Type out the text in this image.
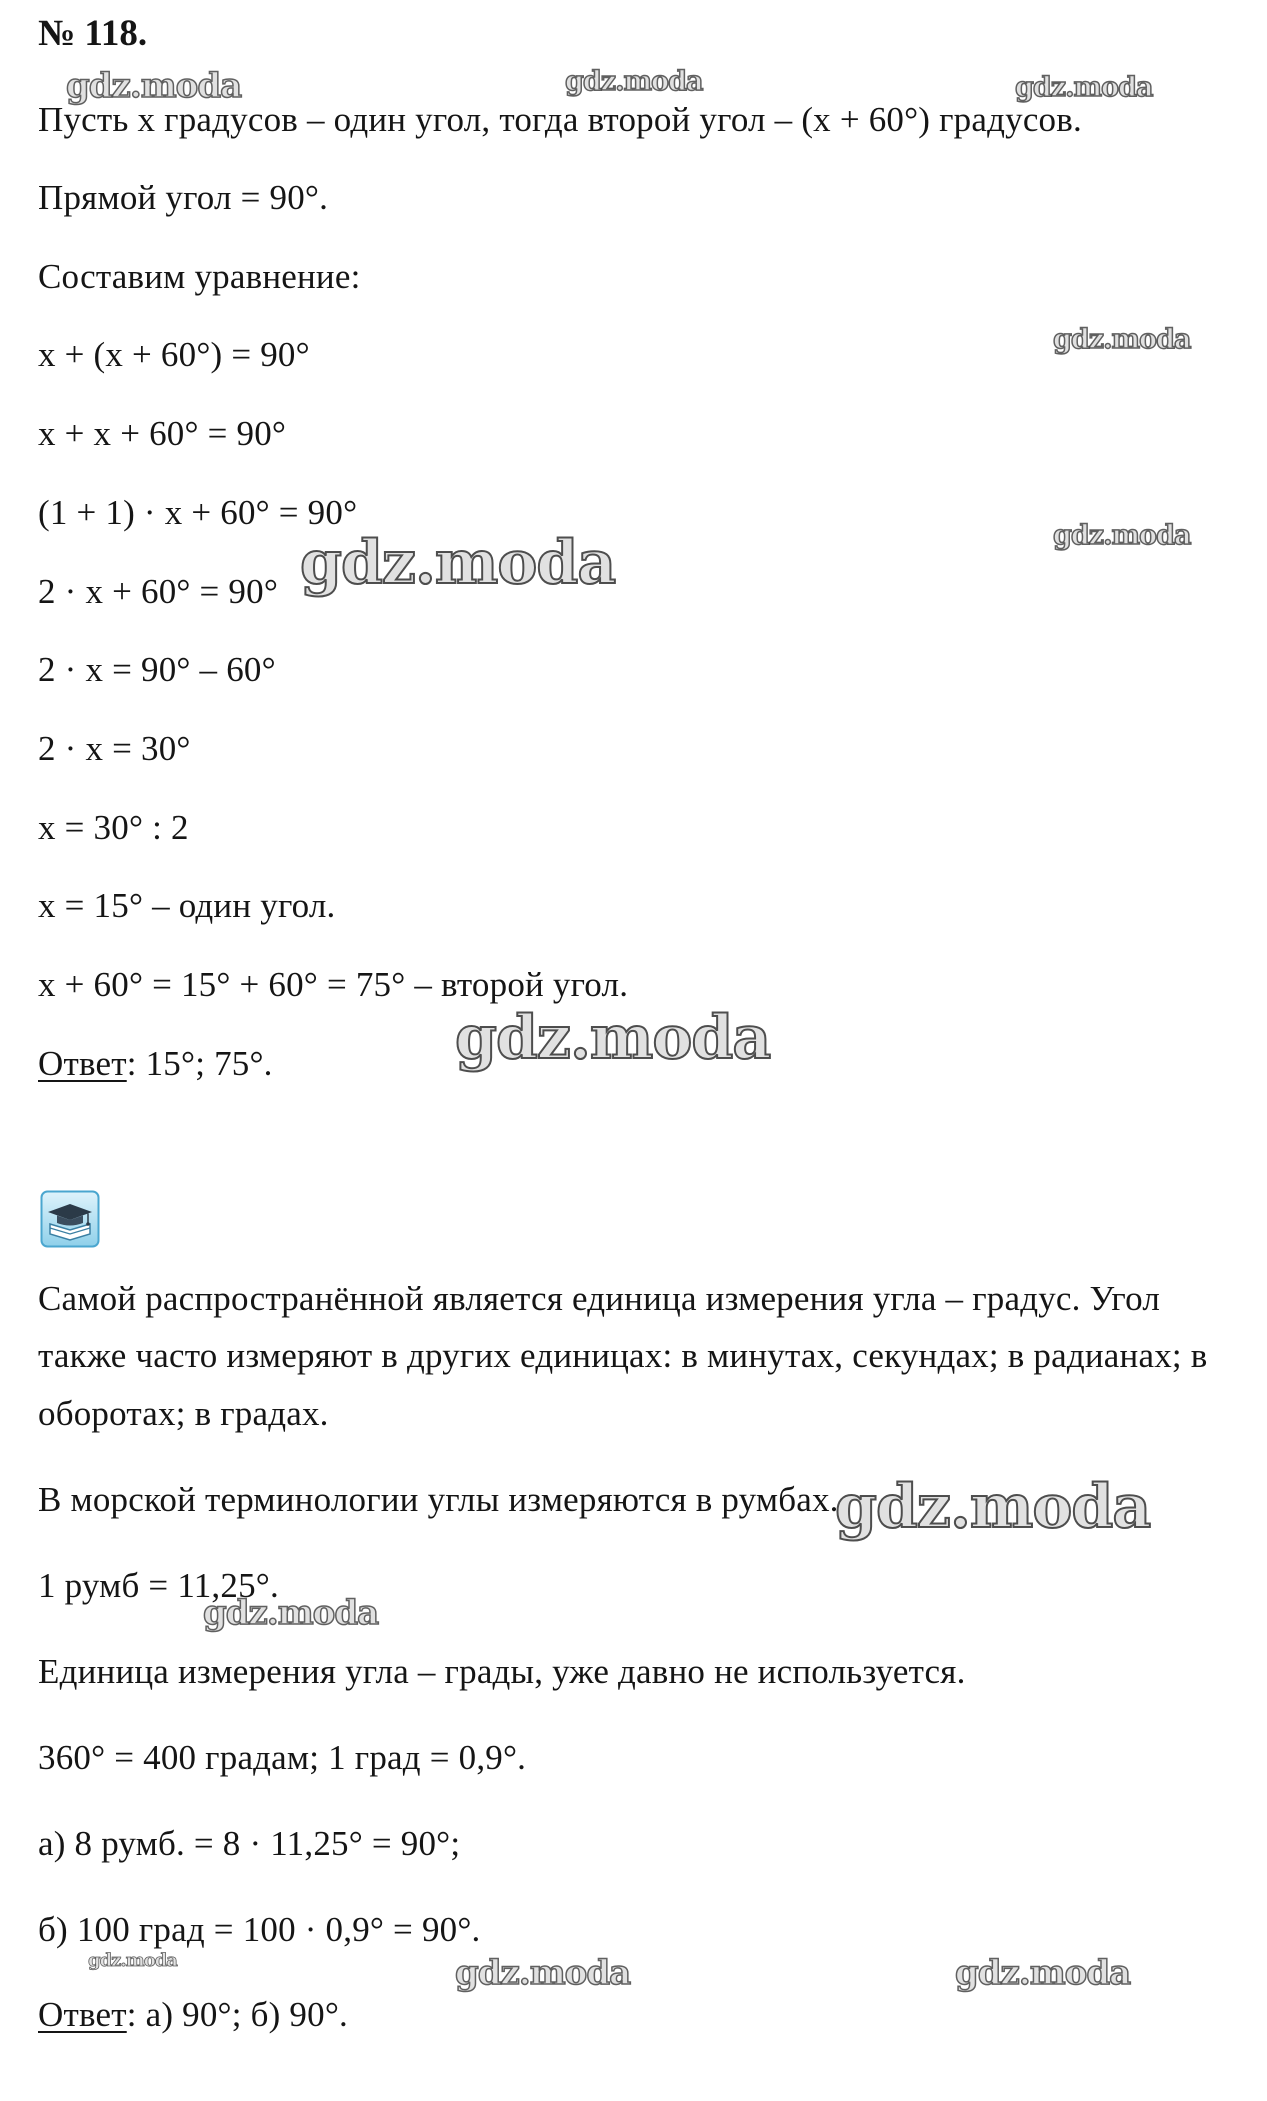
№ 118.
Пусть x градусов – один угол, тогда второй угол – (x + 60°) градусов.
Прямой угол = 90°.
Составим уравнение:
x + (x + 60°) = 90°
x + x + 60° = 90°
(1 + 1) · x + 60° = 90°
2 · x + 60° = 90°
2 · x = 90° – 60°
2 · x = 30°
x = 30° : 2
x = 15° – один угол.
x + 60° = 15° + 60° = 75° – второй угол.
Ответ: 15°; 75°.
Самой распространённой является единица измерения угла – градус. Угол
также часто измеряют в других единицах: в минутах, секундах; в радианах; в
оборотах; в градах.
В морской терминологии углы измеряются в румбах.
1 румб = 11,25°.
Единица измерения угла – грады, уже давно не используется.
360° = 400 градам; 1 град = 0,9°.
а) 8 румб. = 8 · 11,25° = 90°;
б) 100 град = 100 · 0,9° = 90°.
Ответ: а) 90°; б) 90°.
gdz.moda	gdz.moda	gdz.moda
gdz.moda
gdz.moda
gdz.moda
gdz.moda
gdz.moda
gdz.moda
gdz.moda	gdz.moda	gdz.moda
